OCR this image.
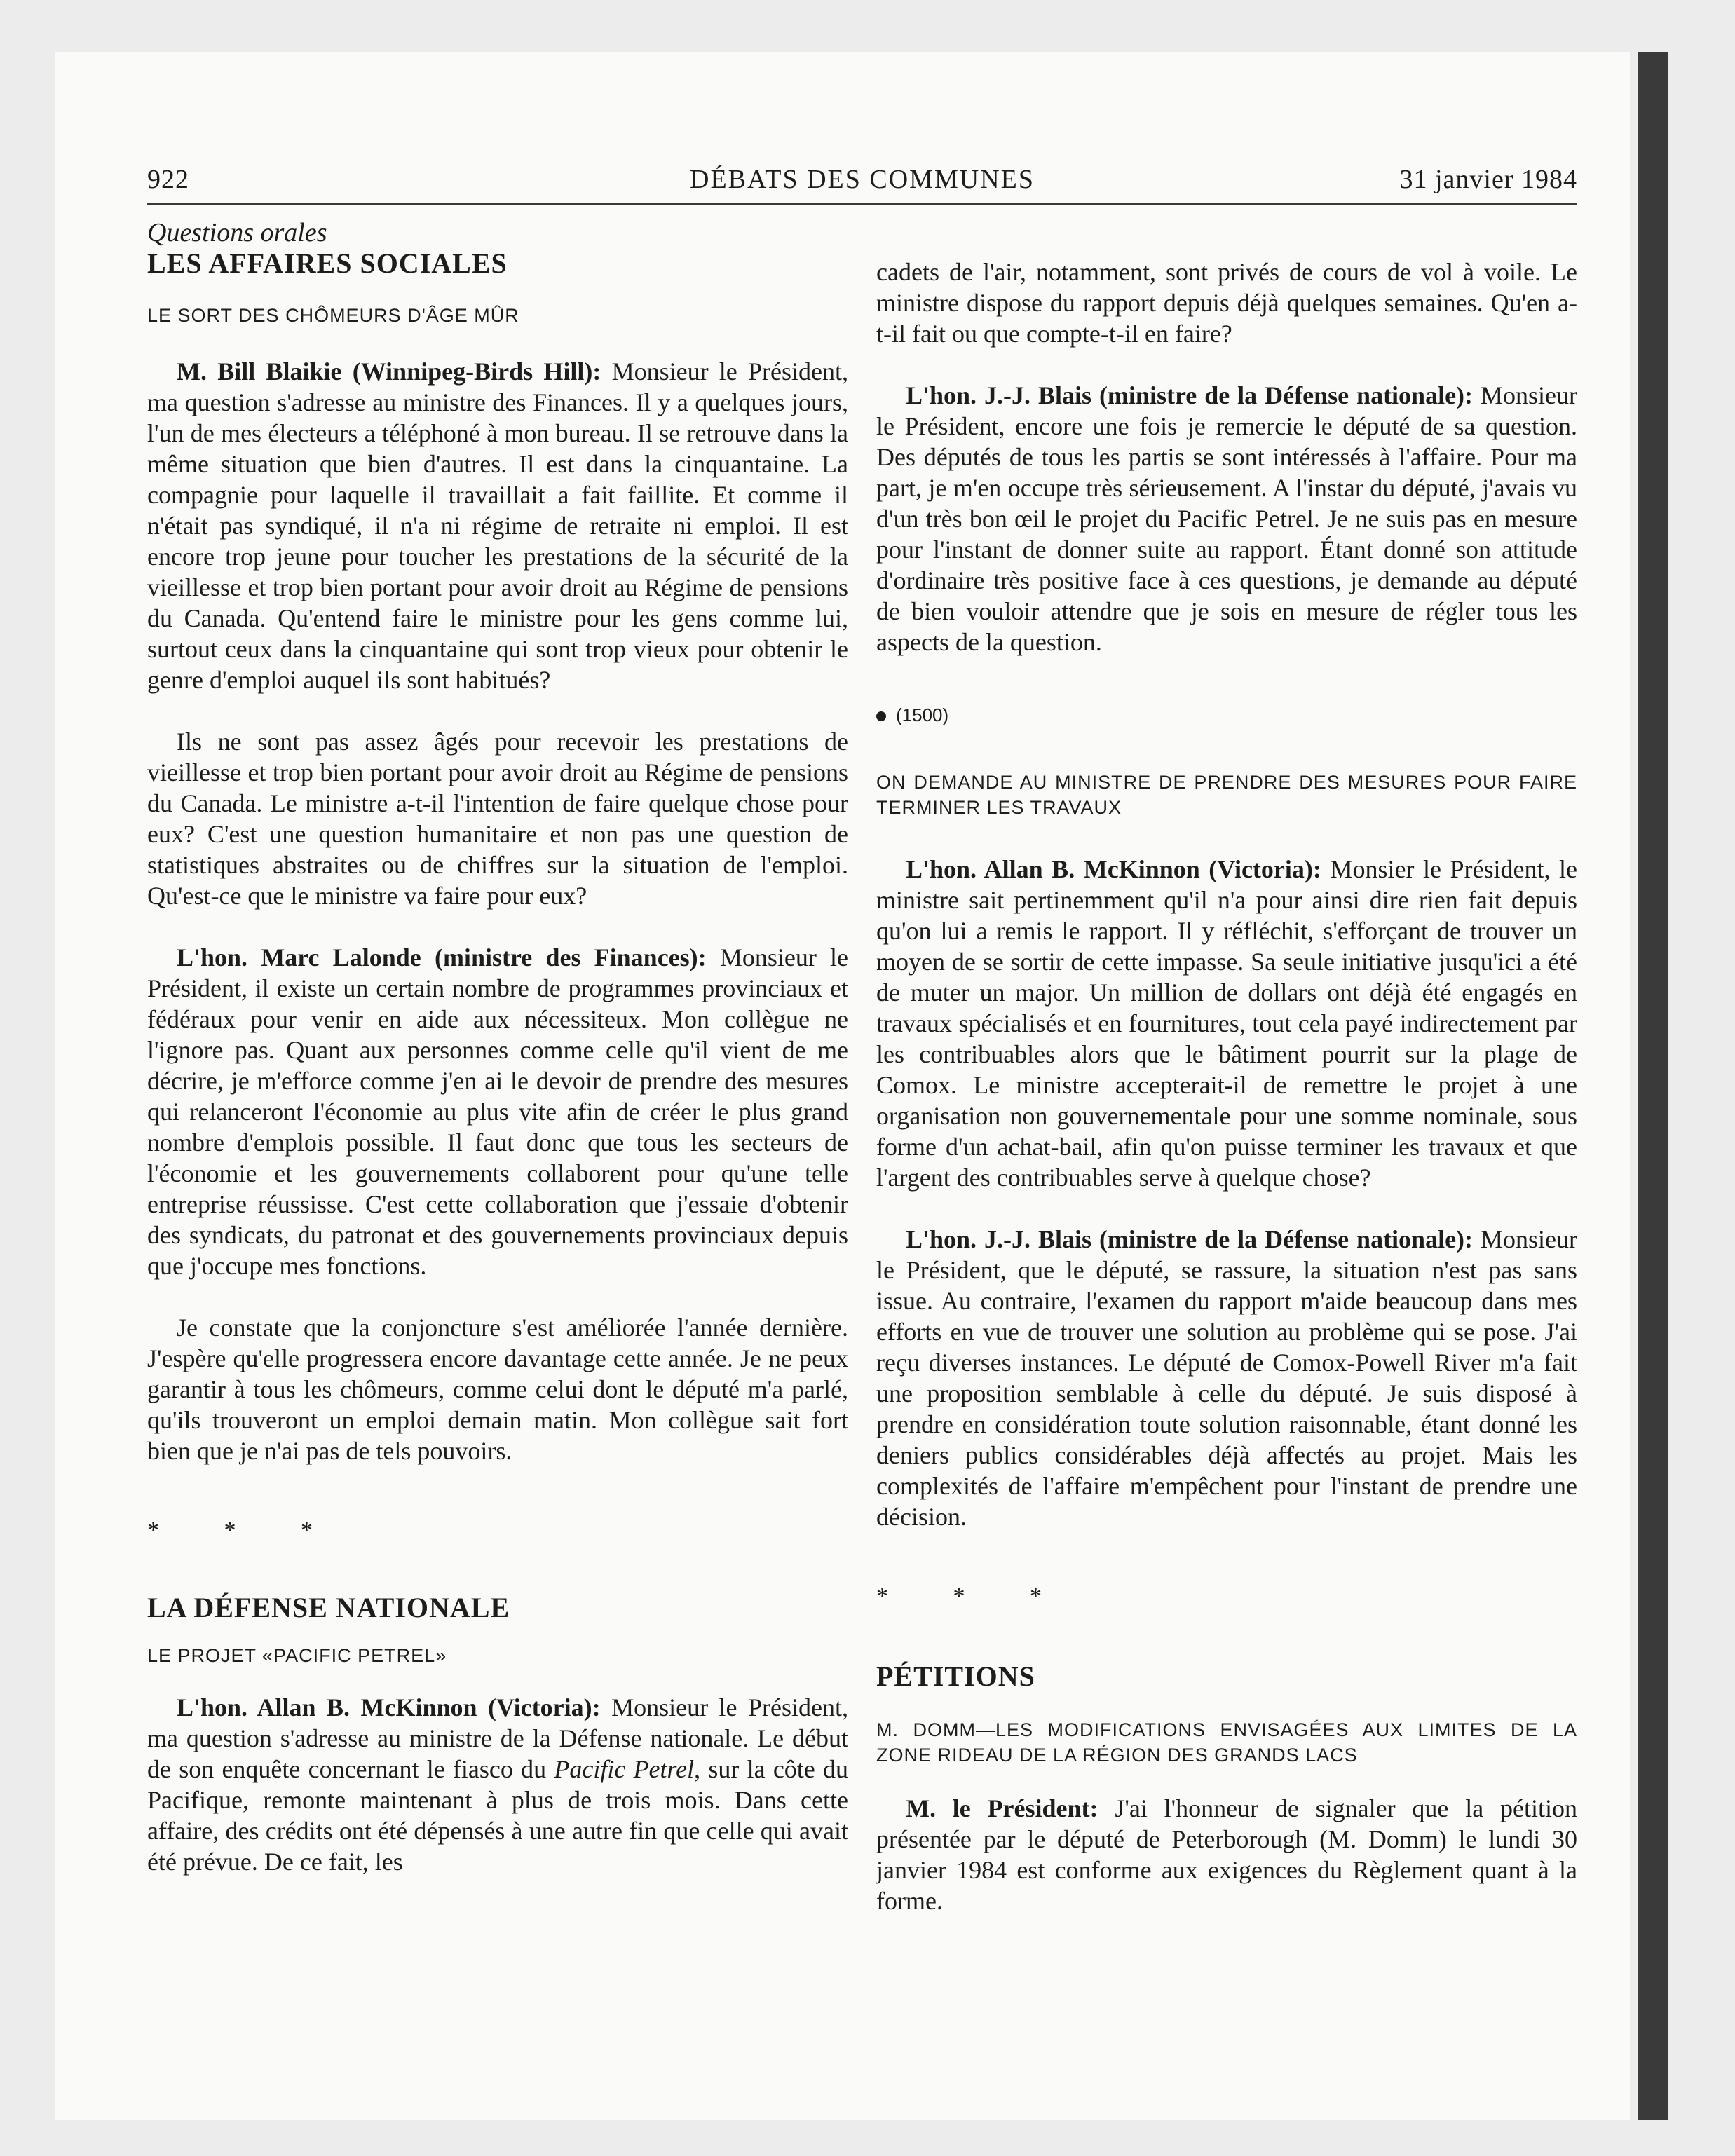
922	DÉBATS DES COMMUNES	31 janvier 1984

Questions orales

LES AFFAIRES SOCIALES

LE SORT DES CHÔMEURS D'ÂGE MÛR

M. Bill Blaikie (Winnipeg-Birds Hill): Monsieur le Président, ma question s'adresse au ministre des Finances. Il y a quelques jours, l'un de mes électeurs a téléphoné à mon bureau. Il se retrouve dans la même situation que bien d'autres. Il est dans la cinquantaine. La compagnie pour laquelle il travaillait a fait faillite. Et comme il n'était pas syndiqué, il n'a ni régime de retraite ni emploi. Il est encore trop jeune pour toucher les prestations de la sécurité de la vieillesse et trop bien portant pour avoir droit au Régime de pensions du Canada. Qu'entend faire le ministre pour les gens comme lui, surtout ceux dans la cinquantaine qui sont trop vieux pour obtenir le genre d'emploi auquel ils sont habitués?

Ils ne sont pas assez âgés pour recevoir les prestations de vieillesse et trop bien portant pour avoir droit au Régime de pensions du Canada. Le ministre a-t-il l'intention de faire quelque chose pour eux? C'est une question humanitaire et non pas une question de statistiques abstraites ou de chiffres sur la situation de l'emploi. Qu'est-ce que le ministre va faire pour eux?

L'hon. Marc Lalonde (ministre des Finances): Monsieur le Président, il existe un certain nombre de programmes provinciaux et fédéraux pour venir en aide aux nécessiteux. Mon collègue ne l'ignore pas. Quant aux personnes comme celle qu'il vient de me décrire, je m'efforce comme j'en ai le devoir de prendre des mesures qui relanceront l'économie au plus vite afin de créer le plus grand nombre d'emplois possible. Il faut donc que tous les secteurs de l'économie et les gouvernements collaborent pour qu'une telle entreprise réussisse. C'est cette collaboration que j'essaie d'obtenir des syndicats, du patronat et des gouvernements provinciaux depuis que j'occupe mes fonctions.

Je constate que la conjoncture s'est améliorée l'année dernière. J'espère qu'elle progressera encore davantage cette année. Je ne peux garantir à tous les chômeurs, comme celui dont le député m'a parlé, qu'ils trouveront un emploi demain matin. Mon collègue sait fort bien que je n'ai pas de tels pouvoirs.

* * *

LA DÉFENSE NATIONALE

LE PROJET «PACIFIC PETREL»

L'hon. Allan B. McKinnon (Victoria): Monsieur le Président, ma question s'adresse au ministre de la Défense nationale. Le début de son enquête concernant le fiasco du Pacific Petrel, sur la côte du Pacifique, remonte maintenant à plus de trois mois. Dans cette affaire, des crédits ont été dépensés à une autre fin que celle qui avait été prévue. De ce fait, les

cadets de l'air, notamment, sont privés de cours de vol à voile. Le ministre dispose du rapport depuis déjà quelques semaines. Qu'en a-t-il fait ou que compte-t-il en faire?

L'hon. J.-J. Blais (ministre de la Défense nationale): Monsieur le Président, encore une fois je remercie le député de sa question. Des députés de tous les partis se sont intéressés à l'affaire. Pour ma part, je m'en occupe très sérieusement. A l'instar du député, j'avais vu d'un très bon œil le projet du Pacific Petrel. Je ne suis pas en mesure pour l'instant de donner suite au rapport. Étant donné son attitude d'ordinaire très positive face à ces questions, je demande au député de bien vouloir attendre que je sois en mesure de régler tous les aspects de la question.

(1500)

ON DEMANDE AU MINISTRE DE PRENDRE DES MESURES POUR FAIRE TERMINER LES TRAVAUX

L'hon. Allan B. McKinnon (Victoria): Monsier le Président, le ministre sait pertinemment qu'il n'a pour ainsi dire rien fait depuis qu'on lui a remis le rapport. Il y réfléchit, s'efforçant de trouver un moyen de se sortir de cette impasse. Sa seule initiative jusqu'ici a été de muter un major. Un million de dollars ont déjà été engagés en travaux spécialisés et en fournitures, tout cela payé indirectement par les contribuables alors que le bâtiment pourrit sur la plage de Comox. Le ministre accepterait-il de remettre le projet à une organisation non gouvernementale pour une somme nominale, sous forme d'un achat-bail, afin qu'on puisse terminer les travaux et que l'argent des contribuables serve à quelque chose?

L'hon. J.-J. Blais (ministre de la Défense nationale): Monsieur le Président, que le député, se rassure, la situation n'est pas sans issue. Au contraire, l'examen du rapport m'aide beaucoup dans mes efforts en vue de trouver une solution au problème qui se pose. J'ai reçu diverses instances. Le député de Comox-Powell River m'a fait une proposition semblable à celle du député. Je suis disposé à prendre en considération toute solution raisonnable, étant donné les deniers publics considérables déjà affectés au projet. Mais les complexités de l'affaire m'empêchent pour l'instant de prendre une décision.

* * *

PÉTITIONS

M. DOMM—LES MODIFICATIONS ENVISAGÉES AUX LIMITES DE LA ZONE RIDEAU DE LA RÉGION DES GRANDS LACS

M. le Président: J'ai l'honneur de signaler que la pétition présentée par le député de Peterborough (M. Domm) le lundi 30 janvier 1984 est conforme aux exigences du Règlement quant à la forme.
